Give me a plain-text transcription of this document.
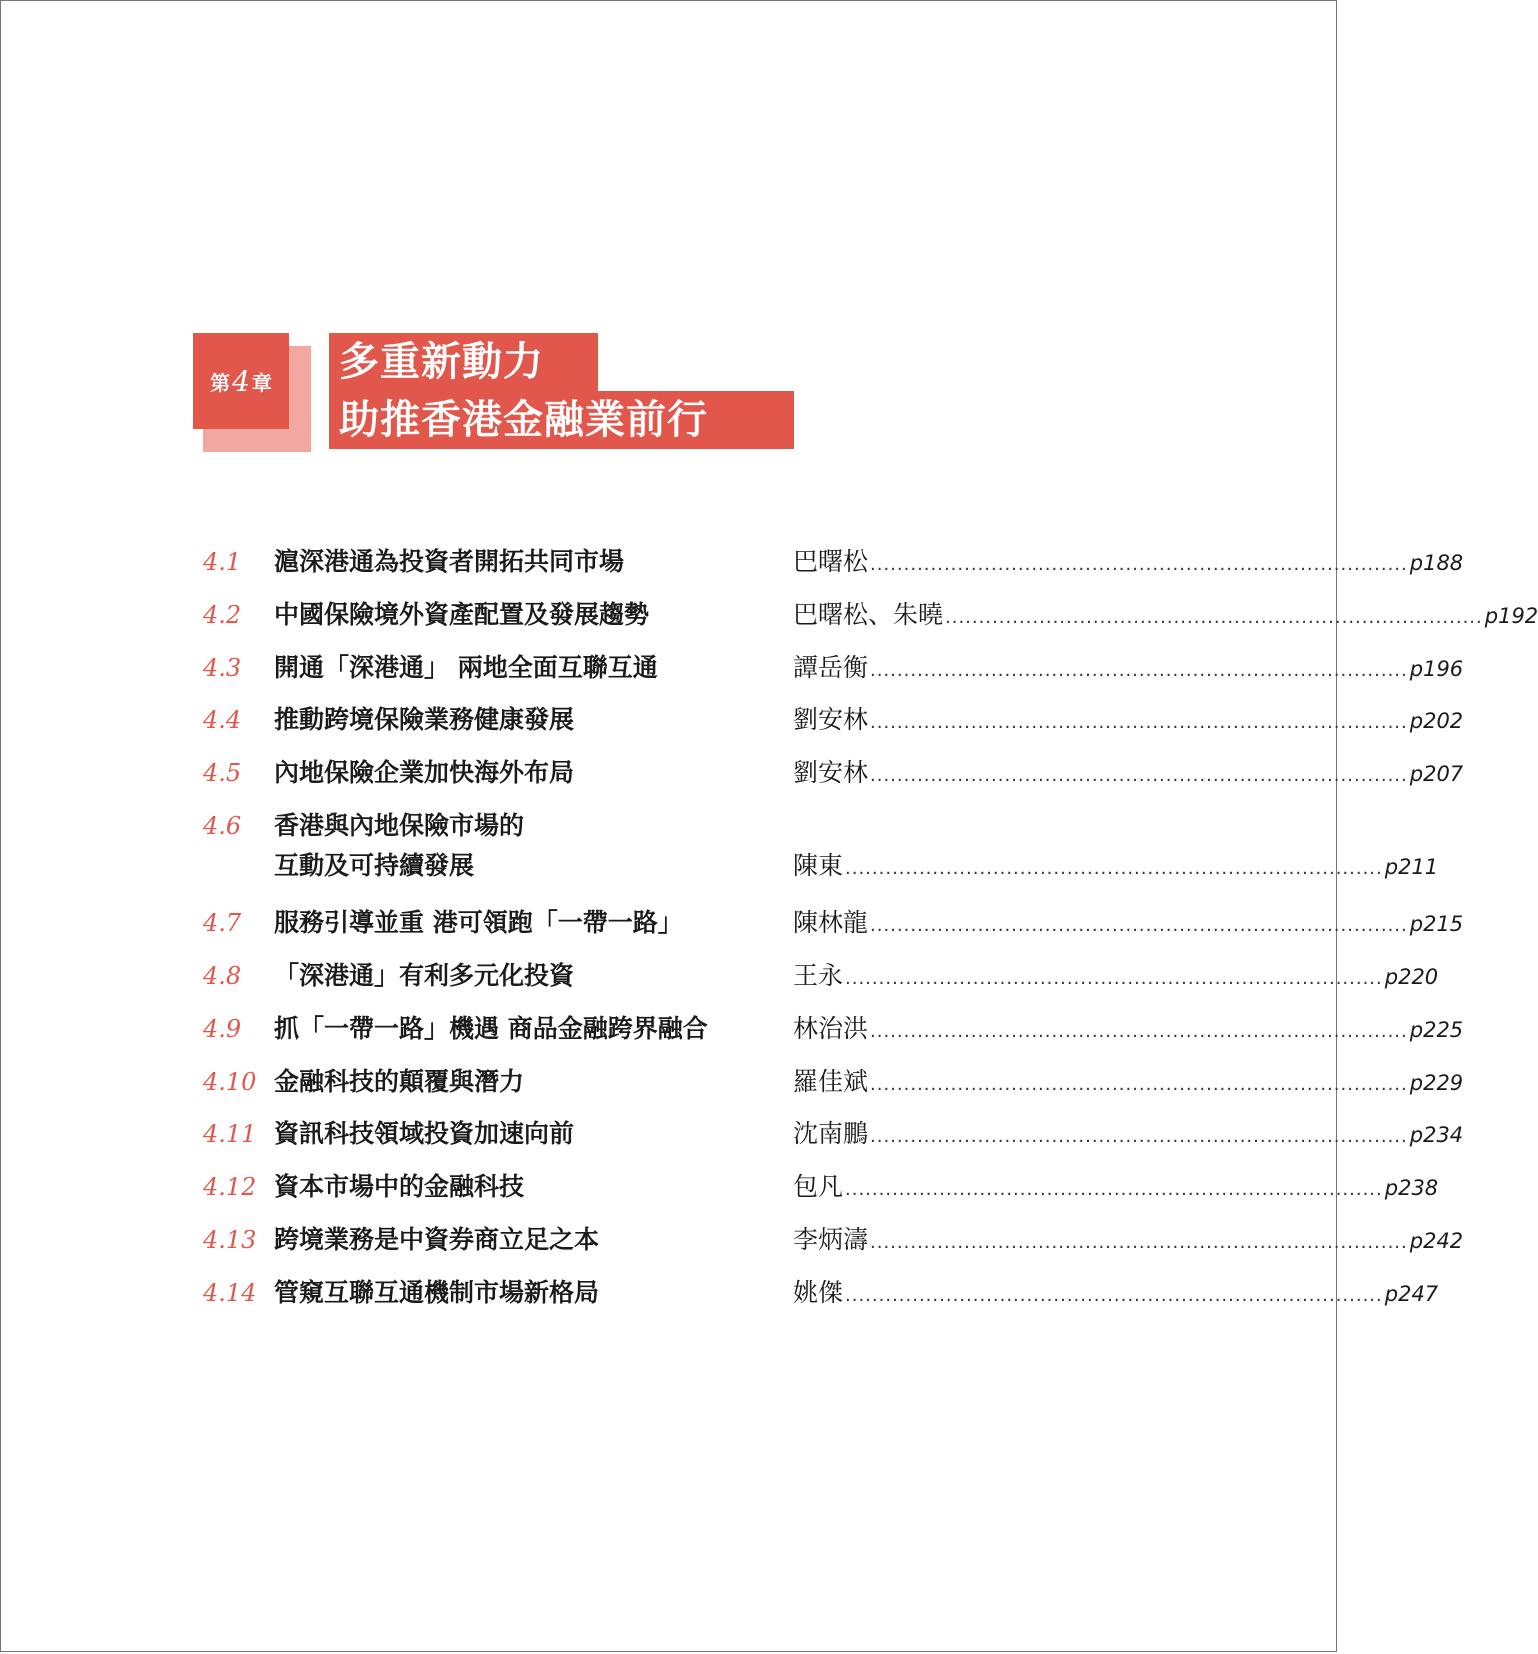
第 4 章 多重新動力
助推香港金融業前行
4.1 滬深港通為投資者開拓共同市場	巴曙松 ................................................................................ p188
4.2 中國保險境外資產配置及發展趨勢	巴曙松、朱曉 ................................................................................ p192
4.3 開通「深港通」 兩地全面互聯互通	譚岳衡 ................................................................................ p196
4.4 推動跨境保險業務健康發展	劉安林 ................................................................................ p202
4.5 內地保險企業加快海外布局	劉安林 ................................................................................ p207
4.6 香港與內地保險市場的
互動及可持續發展	陳東 ................................................................................ p211
4.7 服務引導並重 港可領跑「一帶一路」	陳林龍 ................................................................................ p215
4.8 「深港通」有利多元化投資	王永 ................................................................................ p220
4.9 抓「一帶一路」機遇 商品金融跨界融合	林治洪 ................................................................................ p225
4.10 金融科技的顛覆與潛力	羅佳斌 ................................................................................ p229
4.11 資訊科技領域投資加速向前	沈南鵬 ................................................................................ p234
4.12 資本市場中的金融科技	包凡 ................................................................................ p238
4.13 跨境業務是中資券商立足之本	李炳濤 ................................................................................ p242
4.14 管窺互聯互通機制市場新格局	姚傑 ................................................................................ p247
